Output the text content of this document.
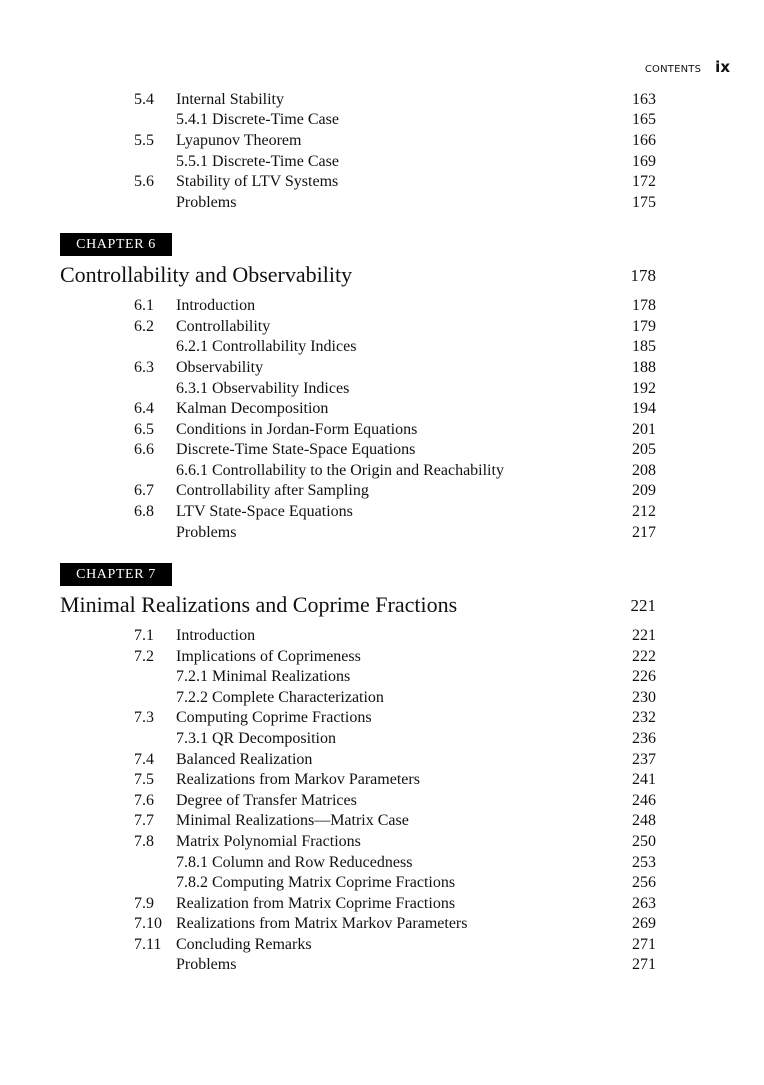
CONTENTS ix
5.4 Internal Stability	163
5.4.1 Discrete-Time Case	165
5.5 Lyapunov Theorem	166
5.5.1 Discrete-Time Case	169
5.6 Stability of LTV Systems	172
Problems	175
CHAPTER 6
Controllability and Observability	178
6.1 Introduction	178
6.2 Controllability	179
6.2.1 Controllability Indices	185
6.3 Observability	188
6.3.1 Observability Indices	192
6.4 Kalman Decomposition	194
6.5 Conditions in Jordan-Form Equations	201
6.6 Discrete-Time State-Space Equations	205
6.6.1 Controllability to the Origin and Reachability	208
6.7 Controllability after Sampling	209
6.8 LTV State-Space Equations	212
Problems	217
CHAPTER 7
Minimal Realizations and Coprime Fractions	221
7.1 Introduction	221
7.2 Implications of Coprimeness	222
7.2.1 Minimal Realizations	226
7.2.2 Complete Characterization	230
7.3 Computing Coprime Fractions	232
7.3.1 QR Decomposition	236
7.4 Balanced Realization	237
7.5 Realizations from Markov Parameters	241
7.6 Degree of Transfer Matrices	246
7.7 Minimal Realizations—Matrix Case	248
7.8 Matrix Polynomial Fractions	250
7.8.1 Column and Row Reducedness	253
7.8.2 Computing Matrix Coprime Fractions	256
7.9 Realization from Matrix Coprime Fractions	263
7.10 Realizations from Matrix Markov Parameters	269
7.11 Concluding Remarks	271
Problems	271
